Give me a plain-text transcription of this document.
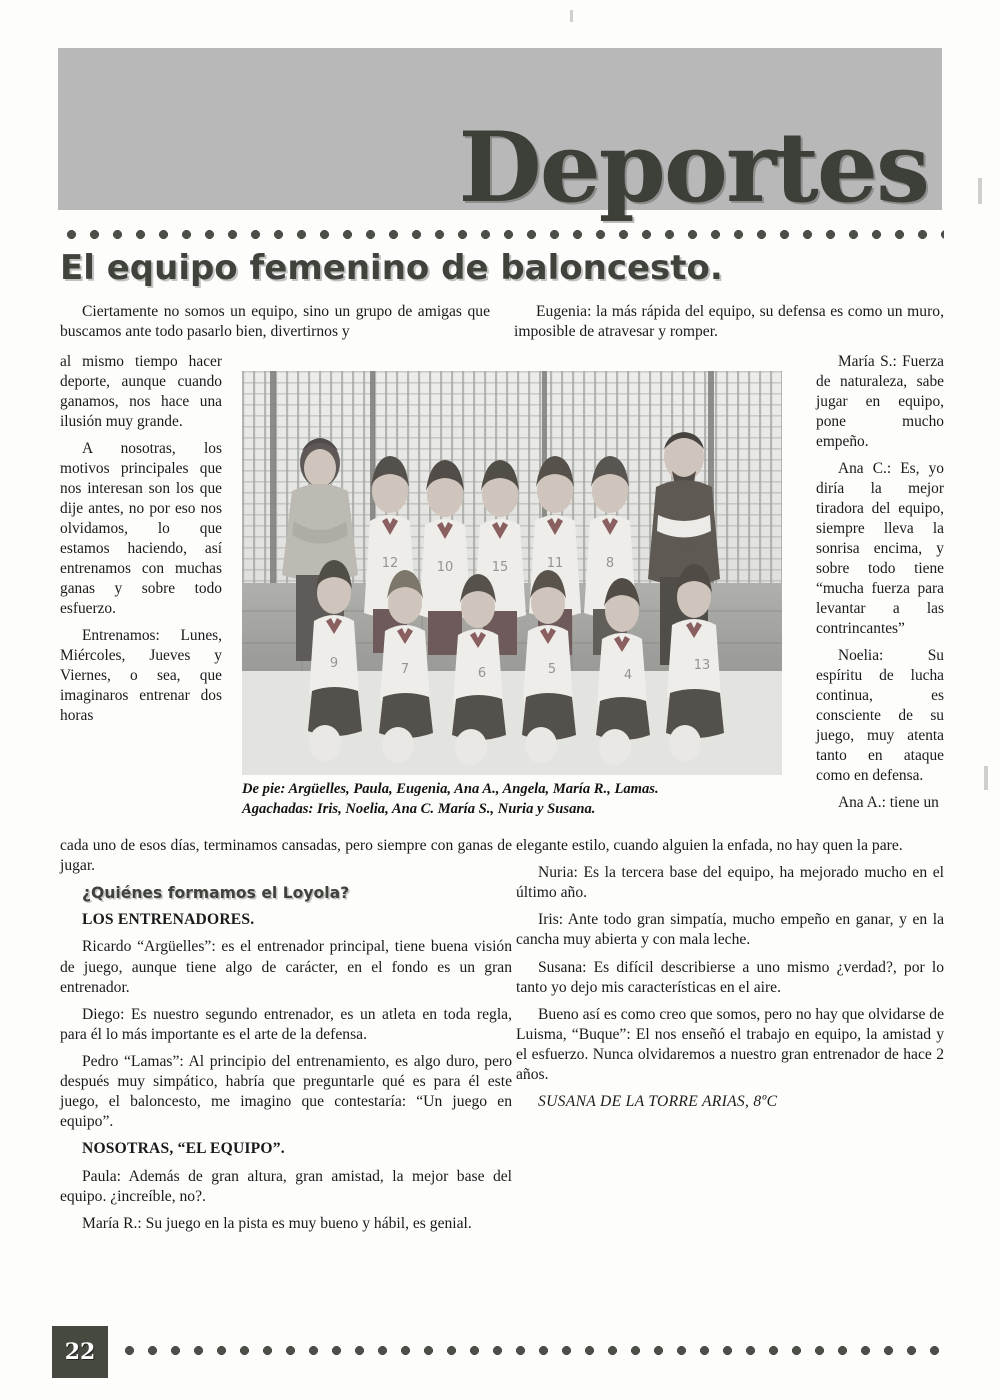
Deportes
El equipo femenino de baloncesto.

Ciertamente no somos un equipo, sino un grupo de amigas que buscamos ante todo pasarlo bien, divertirnos y

Eugenia: la más rápida del equipo, su defensa es como un muro, imposible de atravesar y romper.

al mismo tiempo hacer deporte, aunque cuando ganamos, nos hace una ilusión muy grande.

A nosotras, los motivos principales que nos interesan son los que dije antes, no por eso nos olvidamos, lo que estamos haciendo, así entrenamos con muchas ganas y sobre todo esfuerzo.

Entrenamos: Lunes, Miércoles, Jueves y Viernes, o sea, que imaginaros entrenar dos horas

12	10	15	11	8
9	7	6	5	4
13
De pie: Argüelles, Paula, Eugenia, Ana A., Angela, María R., Lamas.
Agachadas: Iris, Noelia, Ana C. María S., Nuria y Susana.

María S.: Fuerza de naturaleza, sabe jugar en equipo, pone mucho empeño.

Ana C.: Es, yo diría la mejor tiradora del equipo, siempre lleva la sonrisa encima, y sobre todo tiene “mucha fuerza para levantar a las contrincantes”

Noelia: Su espíritu de lucha continua, es consciente de su juego, muy atenta tanto en ataque como en defensa.

Ana A.: tiene un

cada uno de esos días, terminamos cansadas, pero siempre con ganas de jugar.

¿Quiénes formamos el Loyola?

LOS ENTRENADORES.

Ricardo “Argüelles”: es el entrenador principal, tiene buena visión de juego, aunque tiene algo de carácter, en el fondo es un gran entrenador.

Diego: Es nuestro segundo entrenador, es un atleta en toda regla, para él lo más importante es el arte de la defensa.

Pedro “Lamas”: Al principio del entrenamiento, es algo duro, pero después muy simpático, habría que preguntarle qué es para él este juego, el baloncesto, me imagino que contestaría: “Un juego en equipo”.

NOSOTRAS, “EL EQUIPO”.

Paula: Además de gran altura, gran amistad, la mejor base del equipo. ¿increíble, no?.

María R.: Su juego en la pista es muy bueno y hábil, es genial.

elegante estilo, cuando alguien la enfada, no hay quen la pare.

Nuria: Es la tercera base del equipo, ha mejorado mucho en el último año.

Iris: Ante todo gran simpatía, mucho empeño en ganar, y en la cancha muy abierta y con mala leche.

Susana: Es difícil describierse a uno mismo ¿verdad?, por lo tanto yo dejo mis características en el aire.

Bueno así es como creo que somos, pero no hay que olvidarse de Luisma, “Buque”: El nos enseñó el trabajo en equipo, la amistad y el esfuerzo. Nunca olvidaremos a nuestro gran entrenador de hace 2 años.

SUSANA DE LA TORRE ARIAS, 8ºC

22
